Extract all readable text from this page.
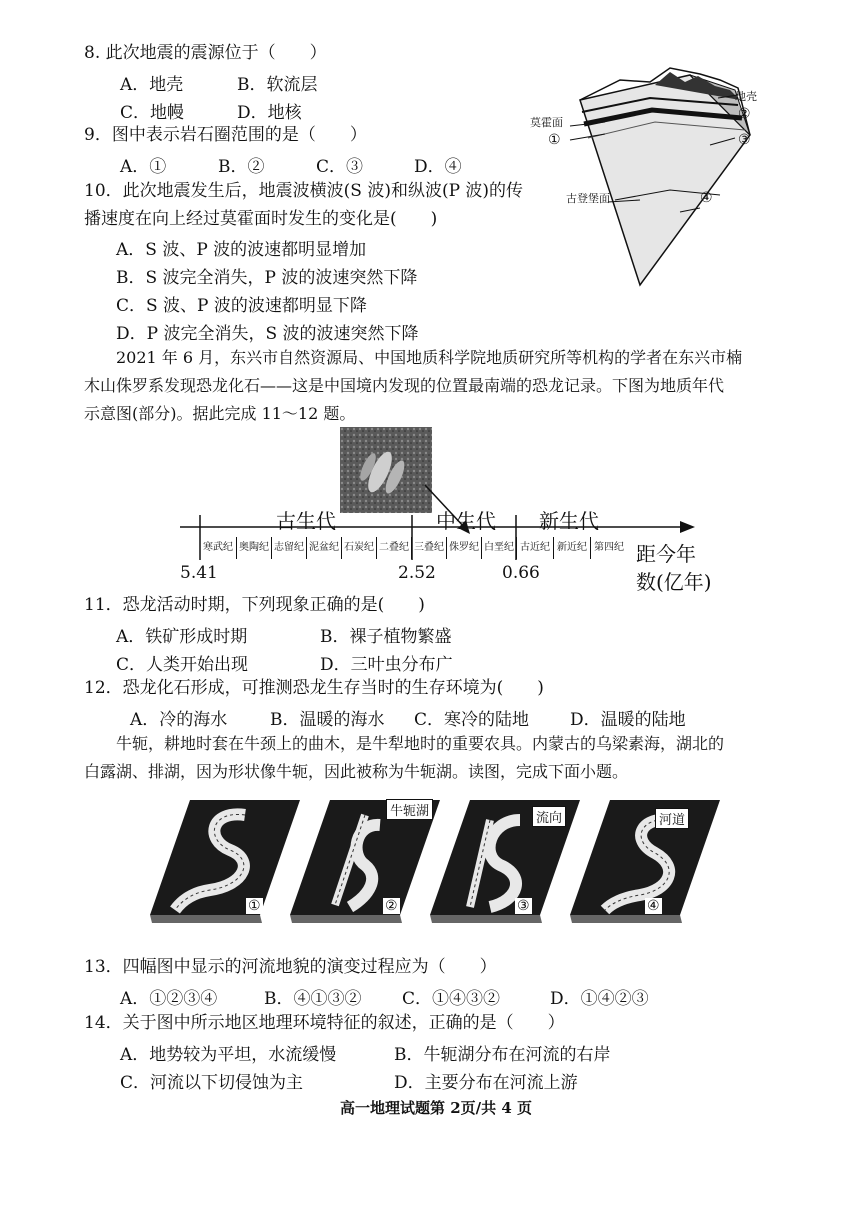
8. 此次地震的震源位于（　　）
A．地壳	B．软流层
C．地幔	D．地核
9．图中表示岩石圈范围的是（　　）
A．①	B．②	C．③	D．④
10．此次地震发生后，地震波横波(S 波)和纵波(P 波)的传
播速度在向上经过莫霍面时发生的变化是(　　)
A．S 波、P 波的波速都明显增加
B．S 波完全消失，P 波的波速突然下降
C．S 波、P 波的波速都明显下降
D．P 波完全消失，S 波的波速突然下降
地壳
莫霍面
①
②
③
古登堡面	④
2021 年 6 月，东兴市自然资源局、中国地质科学院地质研究所等机构的学者在东兴市楠
木山侏罗系发现恐龙化石——这是中国境内发现的位置最南端的恐龙记录。下图为地质年代
示意图(部分)。据此完成 11～12 题。
古生代	中生代 新生代
寒武纪 奥陶纪 志留纪 泥盆纪 石炭纪 二叠纪 三叠纪 侏罗纪 白垩纪 古近纪 新近纪 第四纪 距今年
5.41	2.52	0.66	数(亿年)
11．恐龙活动时期，下列现象正确的是(　　)
A．铁矿形成时期	B．裸子植物繁盛
C．人类开始出现	D．三叶虫分布广
12．恐龙化石形成，可推测恐龙生存当时的生存环境为(　　)
A．冷的海水	B．温暖的海水 C．寒冷的陆地 D．温暖的陆地
牛轭，耕地时套在牛颈上的曲木，是牛犁地时的重要农具。内蒙古的乌梁素海，湖北的
白露湖、排湖，因为形状像牛轭，因此被称为牛轭湖。读图，完成下面小题。
牛轭湖	流向	河道
①	②	③	④
13．四幅图中显示的河流地貌的演变过程应为（　　）
A．①②③④	B．④①③② C．①④③②	D．①④②③
14．关于图中所示地区地理环境特征的叙述，正确的是（　　）
A．地势较为平坦，水流缓慢	B．牛轭湖分布在河流的右岸
C．河流以下切侵蚀为主	D．主要分布在河流上游
高一地理试题第 2页/共 4 页
